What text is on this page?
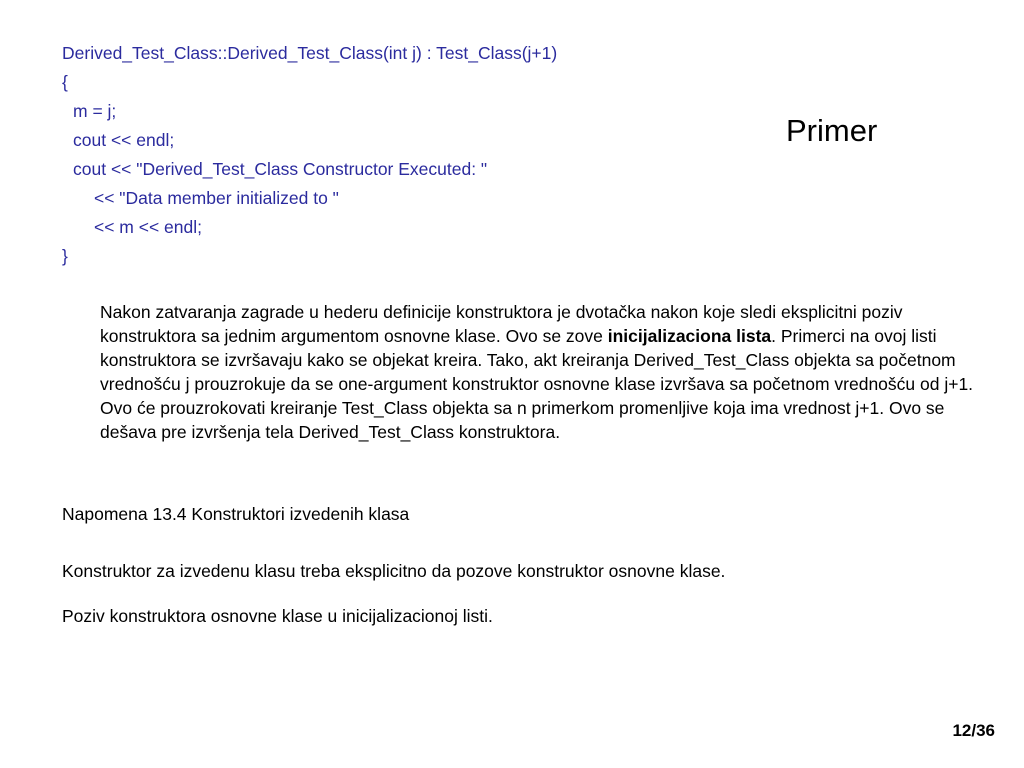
Derived_Test_Class::Derived_Test_Class(int j) : Test_Class(j+1)
{
m = j;
cout << endl;
cout << "Derived_Test_Class Constructor Executed: "
<< "Data member initialized to "
<< m << endl;
}
Primer
Nakon zatvaranja zagrade u hederu definicije konstruktora je dvotačka nakon koje sledi eksplicitni poziv konstruktora sa jednim argumentom osnovne klase. Ovo se zove inicijalizaciona lista. Primerci na ovoj listi konstruktora se izvršavaju kako se objekat kreira. Tako, akt kreiranja Derived_Test_Class objekta sa početnom vrednošću j prouzrokuje da se one-argument konstruktor osnovne klase izvršava sa početnom vrednošću od j+1. Ovo će prouzrokovati kreiranje Test_Class objekta sa n primerkom promenljive koja ima vrednost j+1. Ovo se dešava pre izvršenja tela Derived_Test_Class konstruktora.
Napomena 13.4 Konstruktori izvedenih klasa
Konstruktor za izvedenu klasu treba eksplicitno da pozove konstruktor osnovne klase.
Poziv konstruktora osnovne klase u inicijalizacionoj listi.
12/36
